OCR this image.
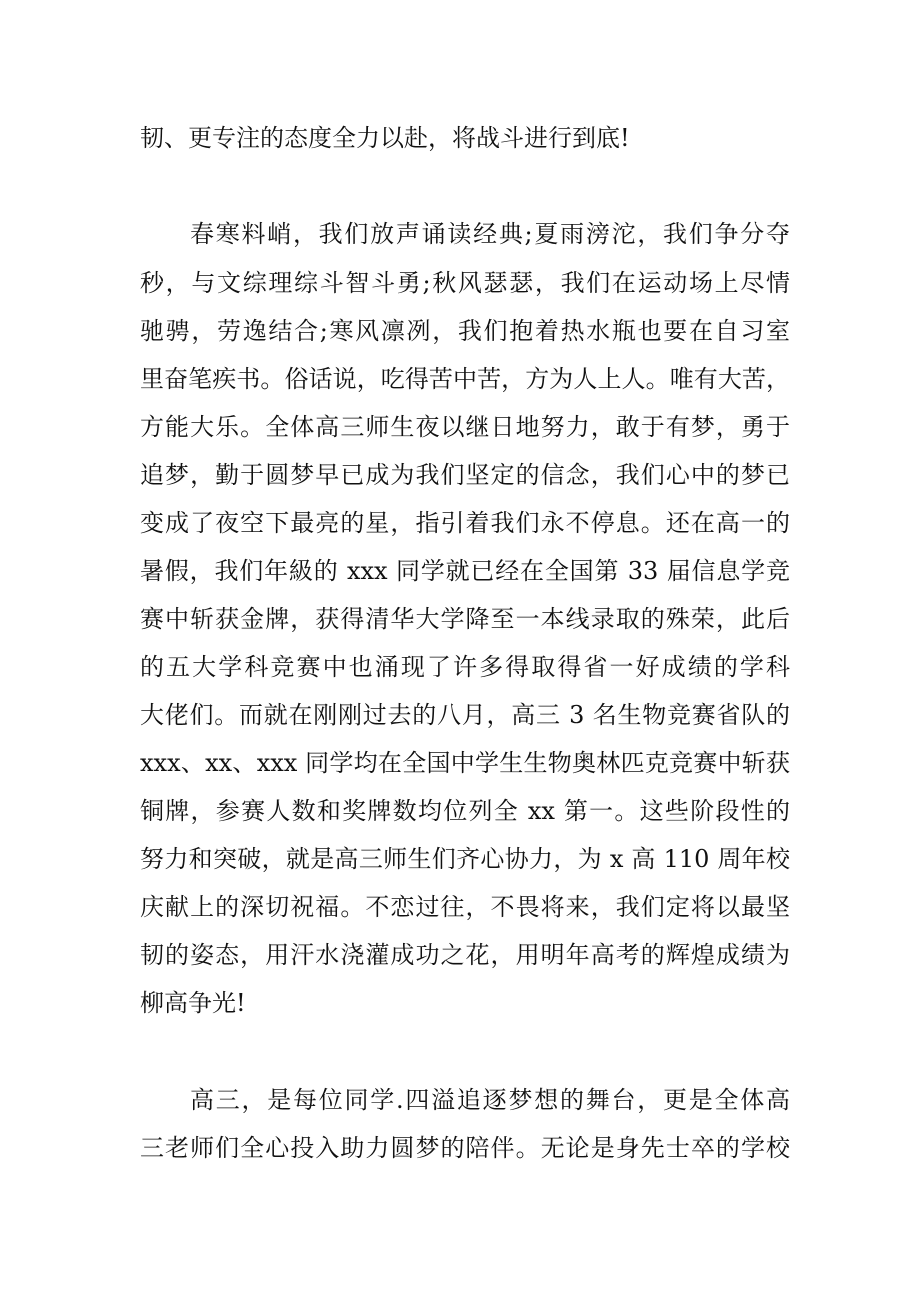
韧、更专注的态度全力以赴，将战斗进行到底!
春寒料峭，我们放声诵读经典;夏雨滂沱，我们争分夺
秒，与文综理综斗智斗勇;秋风瑟瑟，我们在运动场上尽情
驰骋，劳逸结合;寒风凛冽，我们抱着热水瓶也要在自习室
里奋笔疾书。俗话说，吃得苦中苦，方为人上人。唯有大苦，
方能大乐。全体高三师生夜以继日地努力，敢于有梦，勇于
追梦，勤于圆梦早已成为我们坚定的信念，我们心中的梦已
变成了夜空下最亮的星，指引着我们永不停息。还在高一的
暑假，我们年級的 xxx 同学就已经在全国第 33 届信息学竞
赛中斩获金牌，获得清华大学降至一本线录取的殊荣，此后
的五大学科竞赛中也涌现了许多得取得省一好成绩的学科
大佬们。而就在刚刚过去的八月，高三 3 名生物竞赛省队的
xxx、xx、xxx 同学均在全国中学生生物奥林匹克竞赛中斩获
铜牌，参赛人数和奖牌数均位列全 xx 第一。这些阶段性的
努力和突破，就是高三师生们齐心协力，为 x 高 110 周年校
庆献上的深切祝福。不恋过往，不畏将来，我们定将以最坚
韧的姿态，用汗水浇灌成功之花，用明年高考的辉煌成绩为
柳高争光!
高三，是每位同学.四溢追逐梦想的舞台，更是全体高
三老师们全心投入助力圆梦的陪伴。无论是身先士卒的学校
